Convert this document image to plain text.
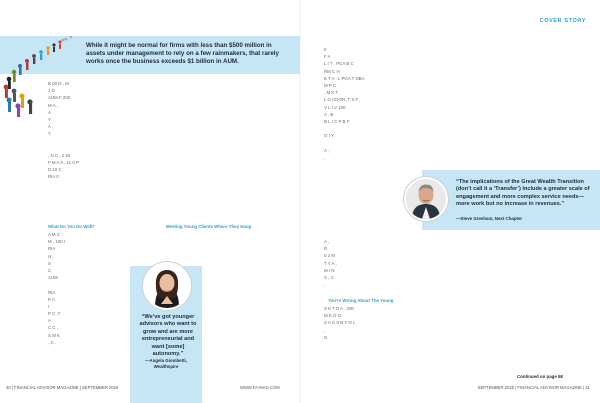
COVER STORY
While it might be normal for firms with less than $500 million in assets under management to rely on a few rainmakers, that rarely works once the business exceeds $1 billion in AUM.
B 00 D , M
1 D
AUM F 202
M A ,
A
Y
A ,
Y
, N C , 2 20
F M A 0 , 11 0 P
D 10 C
RIA 0
What Do You Do Well?	Meeting Young Clients Where They Hang
A M 1'
M , 100 I
RIA
H ,
S
C
AUM
RIA
P A
I
P C ,T
A
C C ,
S M K
, C .
“We’ve got younger advisors who want to grow and are more entrepreneurial and want [some] autonomy.”
—Angela Giombetti, Wealthspire
0
F A
L I T . PGA B C
RM C H
E T A . L PGA T NBA
M P C .
, M K T
L O CDON ,T S F .
V L I V 100
A , B
B L I C P B F
O I Y
A ,
,
“The implications of the Great Wealth Transition (don’t call it a ‘Transfer’) include a greater scale of engagement and more complex service needs—more work but no increase in revenues.”
—Steve Gresham, Next Chapter
A ,
R
0 2 M
T Y A ,
M I N
S , C
,
You're Wrong About The Young
S K T D A . 200
M K O O
S A G 0 N Y O L
,
G
Continued on page 58
40 | FINANCIAL ADVISOR MAGAZINE | SEPTEMBER 2025	WWW.FA-MAG.COM	SEPTEMBER 2025 | FINANCIAL ADVISOR MAGAZINE | 41
